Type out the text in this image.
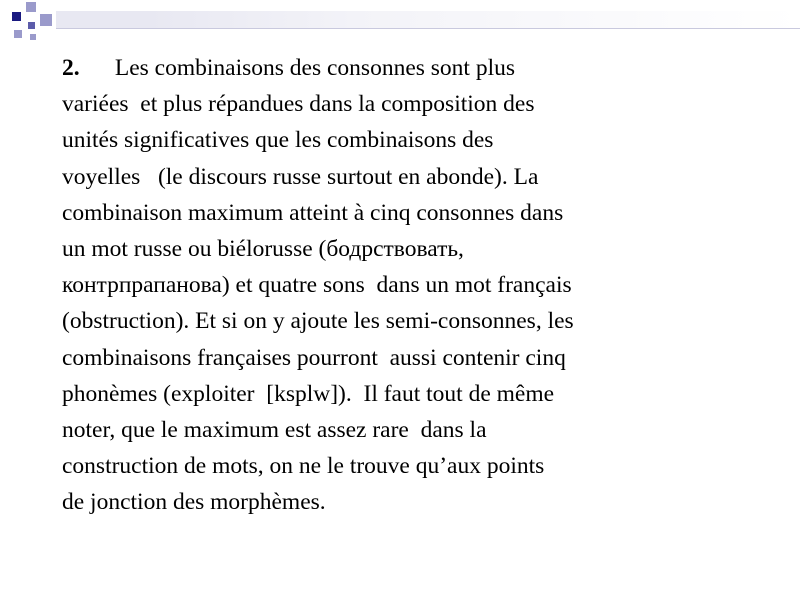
2. Les combinaisons des consonnes sont plus
variées  et plus répandues dans la composition des
unités significatives que les combinaisons des
voyelles   (le discours russe surtout en abonde). La
combinaison maximum atteint à cinq consonnes dans
un mot russe ou biélorusse (бодрствовать,
контрпрапанова) et quatre sons  dans un mot français
(obstruction). Et si on y ajoute les semi-consonnes, les
combinaisons françaises pourront  aussi contenir cinq
phonèmes (exploiter  [ksplw]).  Il faut tout de même
noter, que le maximum est assez rare  dans la
construction de mots, on ne le trouve qu’aux points
de jonction des morphèmes.
